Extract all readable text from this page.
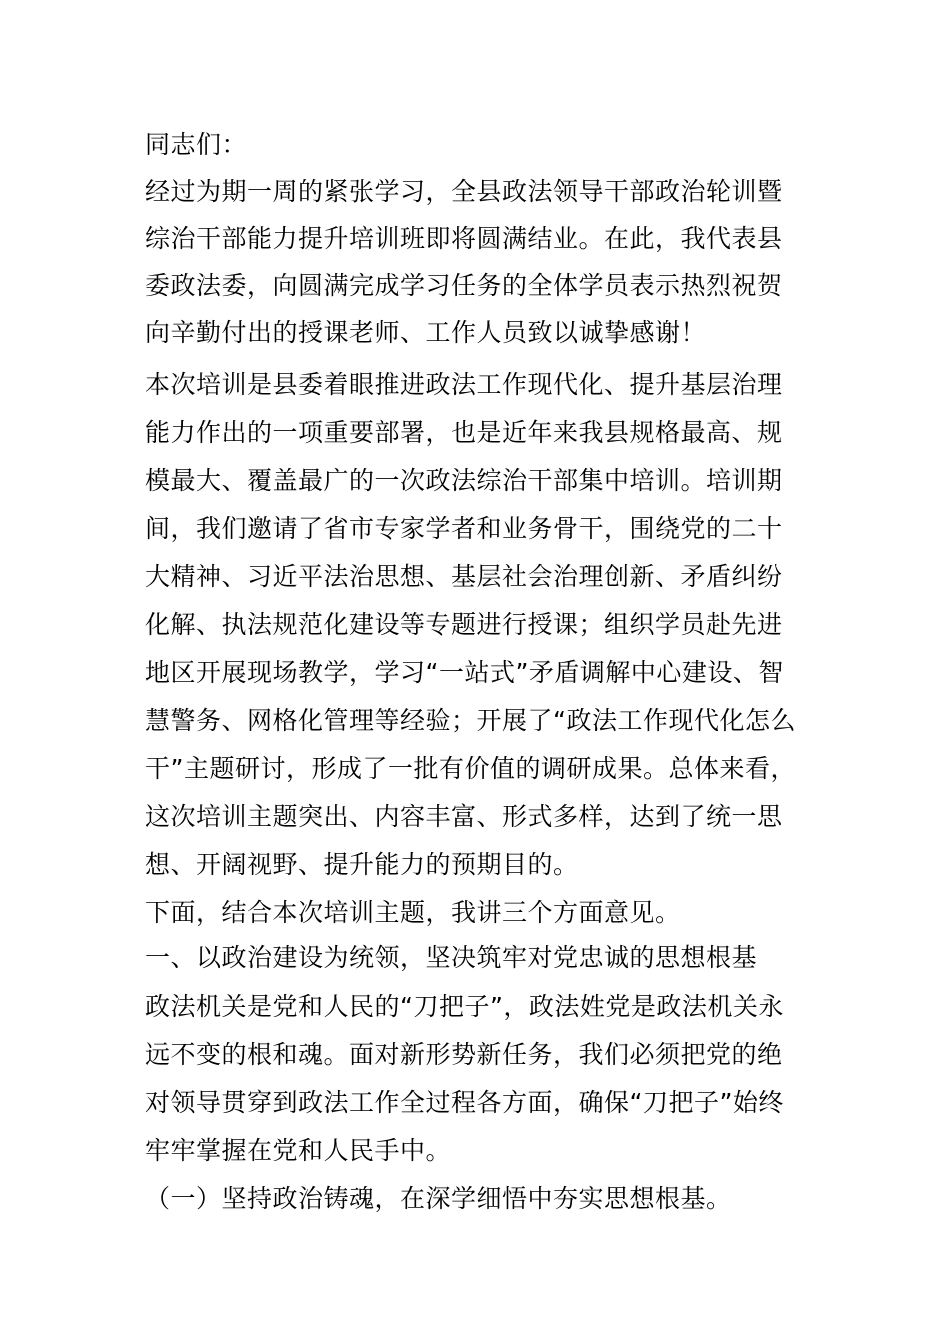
同志们：
经过为期一周的紧张学习，全县政法领导干部政治轮训暨
综治干部能力提升培训班即将圆满结业。在此，我代表县
委政法委，向圆满完成学习任务的全体学员表示热烈祝贺
向辛勤付出的授课老师、工作人员致以诚挚感谢！
本次培训是县委着眼推进政法工作现代化、提升基层治理
能力作出的一项重要部署，也是近年来我县规格最高、规
模最大、覆盖最广的一次政法综治干部集中培训。培训期
间，我们邀请了省市专家学者和业务骨干，围绕党的二十
大精神、习近平法治思想、基层社会治理创新、矛盾纠纷
化解、执法规范化建设等专题进行授课；组织学员赴先进
地区开展现场教学，学习“一站式”矛盾调解中心建设、智
慧警务、网格化管理等经验；开展了“政法工作现代化怎么
干”主题研讨，形成了一批有价值的调研成果。总体来看，
这次培训主题突出、内容丰富、形式多样，达到了统一思
想、开阔视野、提升能力的预期目的。
下面，结合本次培训主题，我讲三个方面意见。
一、以政治建设为统领，坚决筑牢对党忠诚的思想根基
政法机关是党和人民的“刀把子”，政法姓党是政法机关永
远不变的根和魂。面对新形势新任务，我们必须把党的绝
对领导贯穿到政法工作全过程各方面，确保“刀把子”始终
牢牢掌握在党和人民手中。
（一）坚持政治铸魂，在深学细悟中夯实思想根基。
